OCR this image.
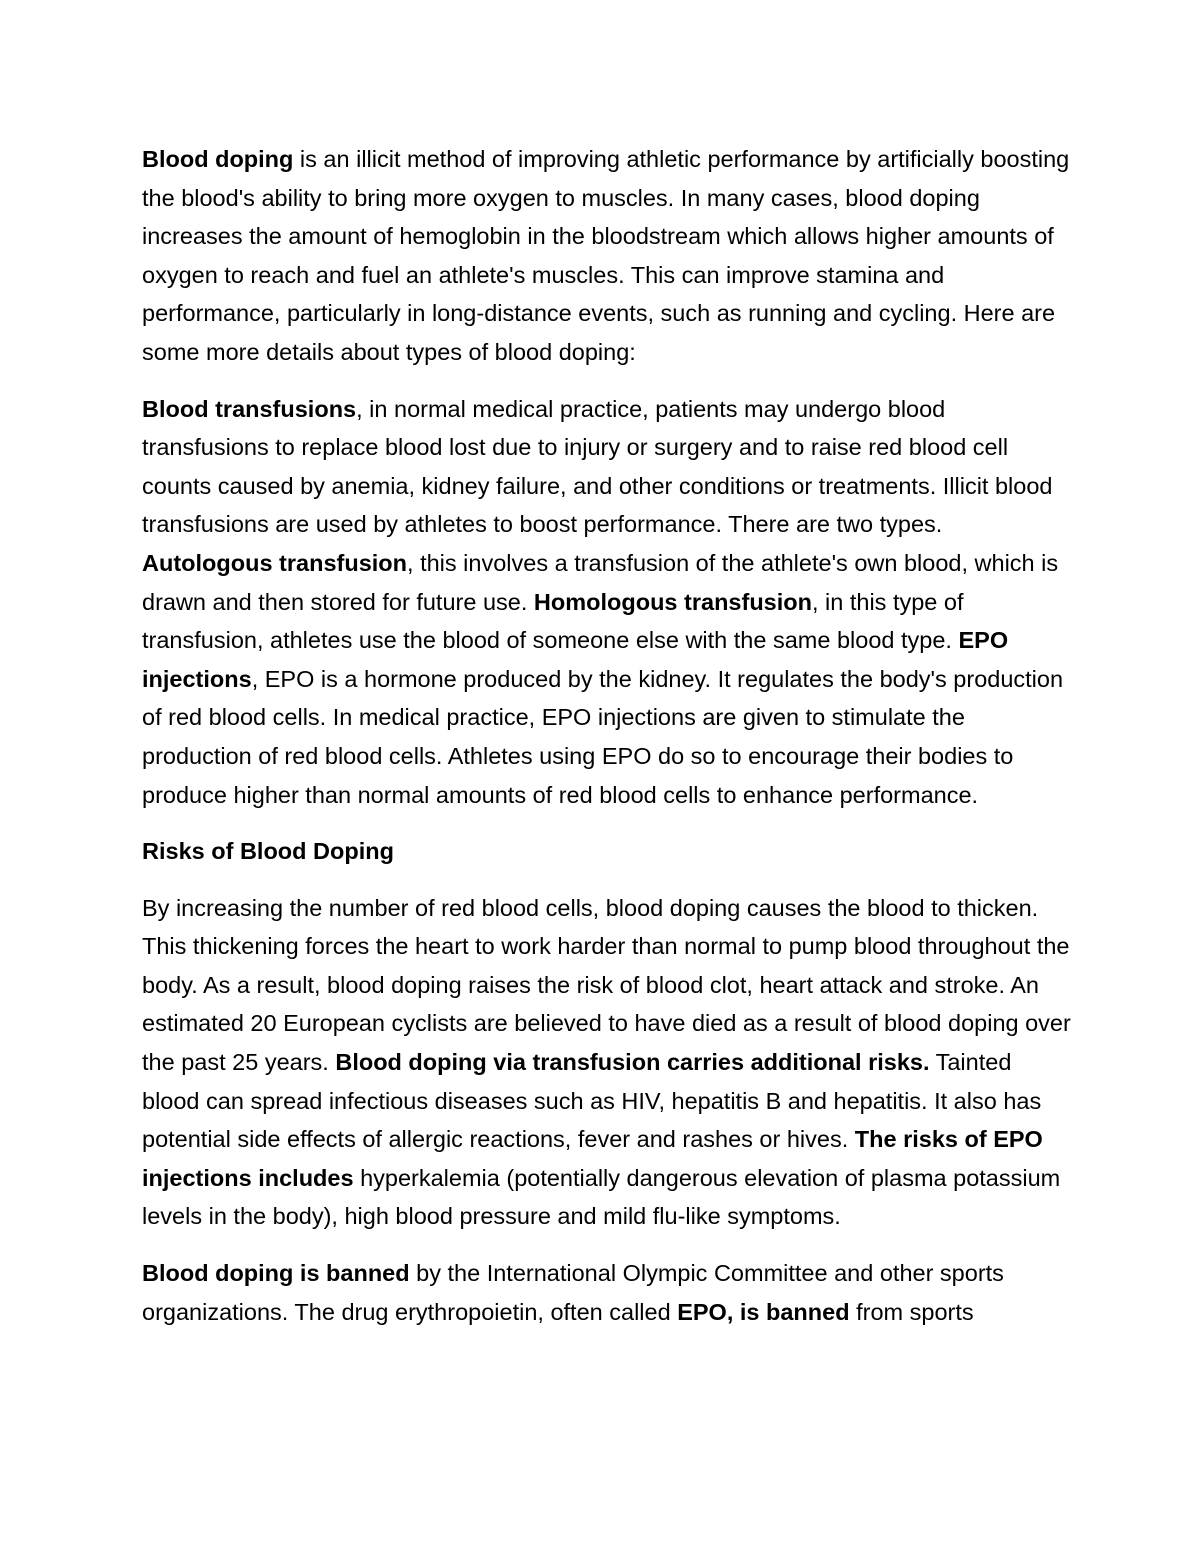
Blood doping is an illicit method of improving athletic performance by artificially boosting the blood's ability to bring more oxygen to muscles. In many cases, blood doping increases the amount of hemoglobin in the bloodstream which allows higher amounts of oxygen to reach and fuel an athlete's muscles. This can improve stamina and performance, particularly in long-distance events, such as running and cycling. Here are some more details about types of blood doping:

Blood transfusions, in normal medical practice, patients may undergo blood transfusions to replace blood lost due to injury or surgery and to raise red blood cell counts caused by anemia, kidney failure, and other conditions or treatments. Illicit blood transfusions are used by athletes to boost performance. There are two types. Autologous transfusion, this involves a transfusion of the athlete's own blood, which is drawn and then stored for future use. Homologous transfusion, in this type of transfusion, athletes use the blood of someone else with the same blood type. EPO injections, EPO is a hormone produced by the kidney. It regulates the body's production of red blood cells. In medical practice, EPO injections are given to stimulate the production of red blood cells. Athletes using EPO do so to encourage their bodies to produce higher than normal amounts of red blood cells to enhance performance.

Risks of Blood Doping

By increasing the number of red blood cells, blood doping causes the blood to thicken. This thickening forces the heart to work harder than normal to pump blood throughout the body. As a result, blood doping raises the risk of blood clot, heart attack and stroke. An estimated 20 European cyclists are believed to have died as a result of blood doping over the past 25 years. Blood doping via transfusion carries additional risks. Tainted blood can spread infectious diseases such as HIV, hepatitis B and hepatitis. It also has potential side effects of allergic reactions, fever and rashes or hives. The risks of EPO injections includes hyperkalemia (potentially dangerous elevation of plasma potassium levels in the body), high blood pressure and mild flu-like symptoms.

Blood doping is banned by the International Olympic Committee and other sports organizations. The drug erythropoietin, often called EPO, is banned from sports
